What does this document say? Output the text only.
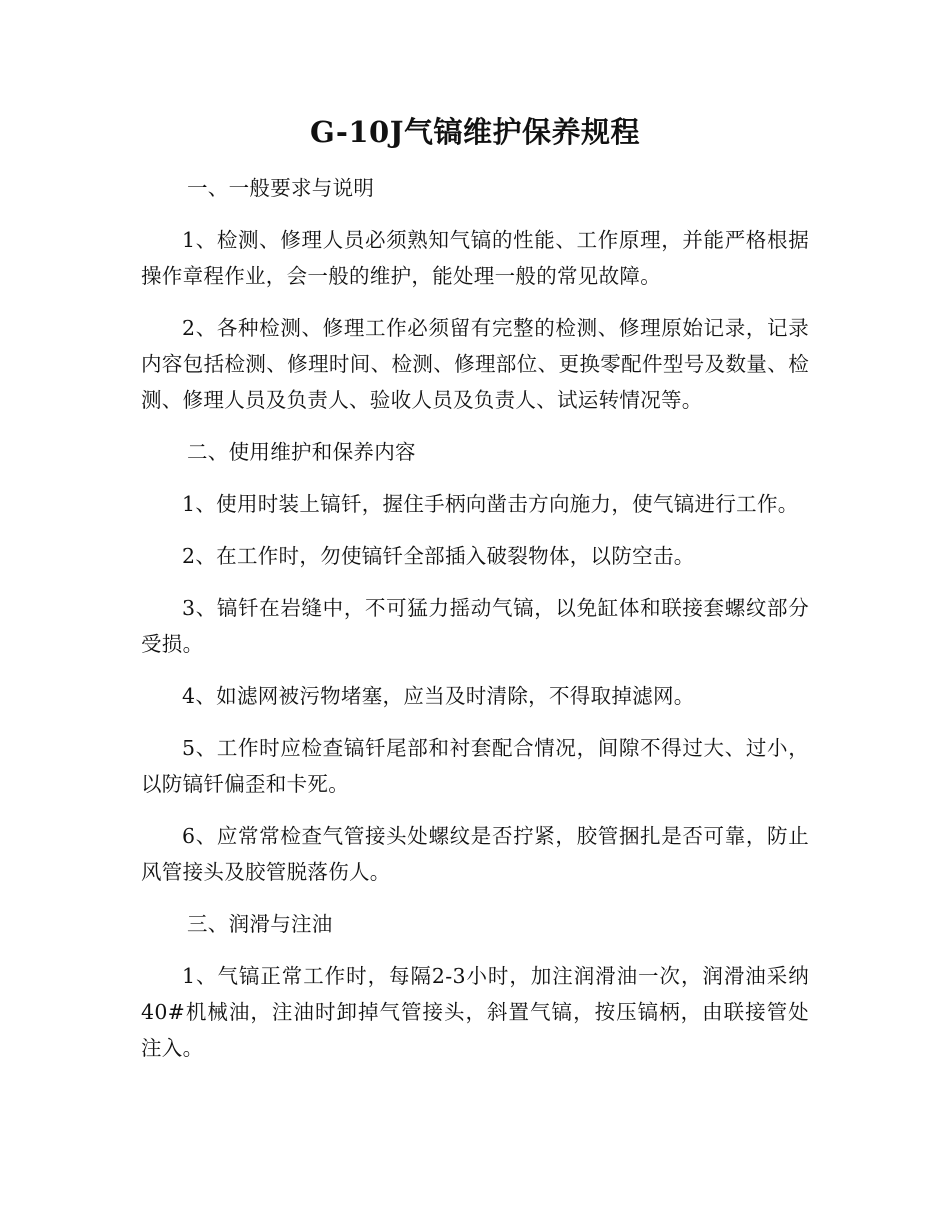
G-10J气镐维护保养规程
一、一般要求与说明

1、检测、修理人员必须熟知气镐的性能、工作原理，并能严格根据操作章程作业，会一般的维护，能处理一般的常见故障。

2、各种检测、修理工作必须留有完整的检测、修理原始记录，记录内容包括检测、修理时间、检测、修理部位、更换零配件型号及数量、检测、修理人员及负责人、验收人员及负责人、试运转情况等。

二、使用维护和保养内容

1、使用时装上镐钎，握住手柄向凿击方向施力，使气镐进行工作。

2、在工作时，勿使镐钎全部插入破裂物体，以防空击。

3、镐钎在岩缝中，不可猛力摇动气镐，以免缸体和联接套螺纹部分受损。

4、如滤网被污物堵塞，应当及时清除，不得取掉滤网。

5、工作时应检查镐钎尾部和衬套配合情况，间隙不得过大、过小，以防镐钎偏歪和卡死。

6、应常常检查气管接头处螺纹是否拧紧，胶管捆扎是否可靠，防止风管接头及胶管脱落伤人。

三、润滑与注油

1、气镐正常工作时，每隔2-3小时，加注润滑油一次，润滑油采纳40#机械油，注油时卸掉气管接头，斜置气镐，按压镐柄，由联接管处注入。
